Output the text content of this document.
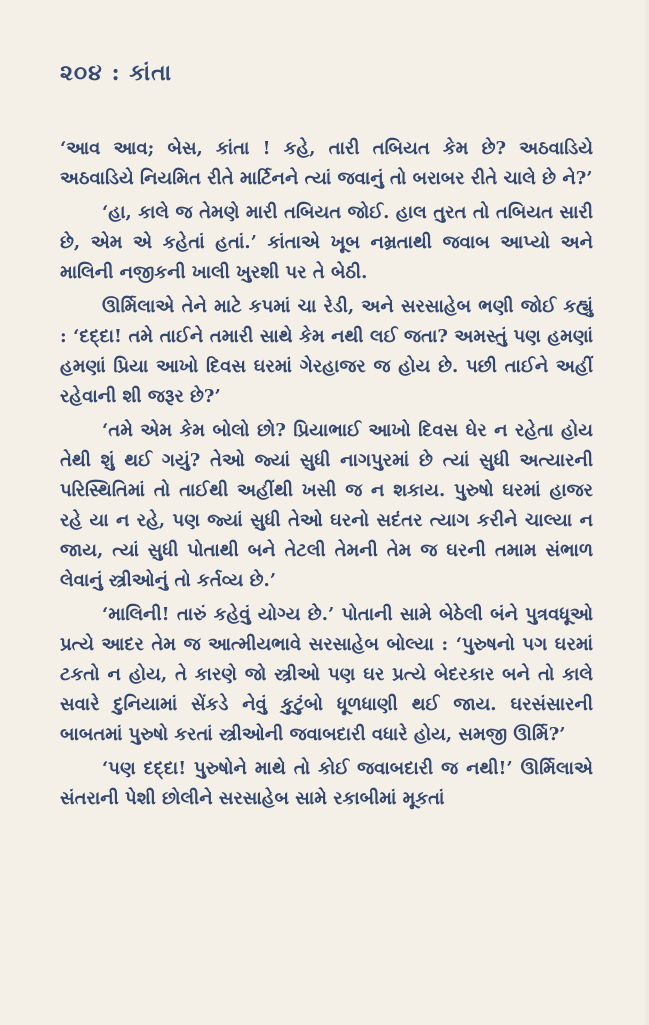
૨૦૪ : કાંતા

‘આવ આવ; બેસ, કાંતા ! કહે, તારી તબિયત કેમ છે? અઠવાડિયે અઠવાડિયે નિયમિત રીતે માર્ટિનને ત્યાં જવાનું તો બરાબર રીતે ચાલે છે ને?’

‘હા, કાલે જ તેમણે મારી તબિયત જોઈ. હાલ તુરત તો તબિયત સારી છે, એમ એ કહેતાં હતાં.’ કાંતાએ ખૂબ નમ્રતાથી જવાબ આપ્યો અને માલિની નજીકની ખાલી ખુરશી પર તે બેઠી.

ઊર્મિલાએ તેને માટે કપમાં ચા રેડી, અને સરસાહેબ ભણી જોઈ કહ્યું : ‘દદ્દા! તમે તાઈને તમારી સાથે કેમ નથી લઈ જતા? અમસ્તું પણ હમણાં હમણાં પ્રિયા આખો દિવસ ઘરમાં ગેરહાજર જ હોય છે. પછી તાઈને અહીં રહેવાની શી જરૂર છે?’

‘તમે એમ કેમ બોલો છો? પ્રિયાભાઈ આખો દિવસ ઘેર ન રહેતા હોય તેથી શું થઈ ગયું? તેઓ જ્યાં સુધી નાગપુરમાં છે ત્યાં સુધી અત્યારની પરિસ્થિતિમાં તો તાઈથી અહીંથી ખસી જ ન શકાય. પુરુષો ઘરમાં હાજર રહે યા ન રહે, પણ જ્યાં સુધી તેઓ ઘરનો સદંતર ત્યાગ કરીને ચાલ્યા ન જાય, ત્યાં સુધી પોતાથી બને તેટલી તેમની તેમ જ ઘરની તમામ સંભાળ લેવાનું સ્ત્રીઓનું તો કર્તવ્ય છે.’

‘માલિની! તારું કહેવું યોગ્ય છે.’ પોતાની સામે બેઠેલી બંને પુત્રવધૂઓ પ્રત્યે આદર તેમ જ આત્મીયભાવે સરસાહેબ બોલ્યા : ‘પુરુષનો પગ ઘરમાં ટકતો ન હોય, તે કારણે જો સ્ત્રીઓ પણ ઘર પ્રત્યે બેદરકાર બને તો કાલે સવારે દુનિયામાં સેંકડે નેવું કુટુંબો ધૂળધાણી થઈ જાય. ઘરસંસારની બાબતમાં પુરુષો કરતાં સ્ત્રીઓની જવાબદારી વધારે હોય, સમજી ઊર્મિ?’

‘પણ દદ્દા! પુરુષોને માથે તો કોઈ જવાબદારી જ નથી!’ ઊર્મિલાએ સંતરાની પેશી છોલીને સરસાહેબ સામે રકાબીમાં મૂકતાં
